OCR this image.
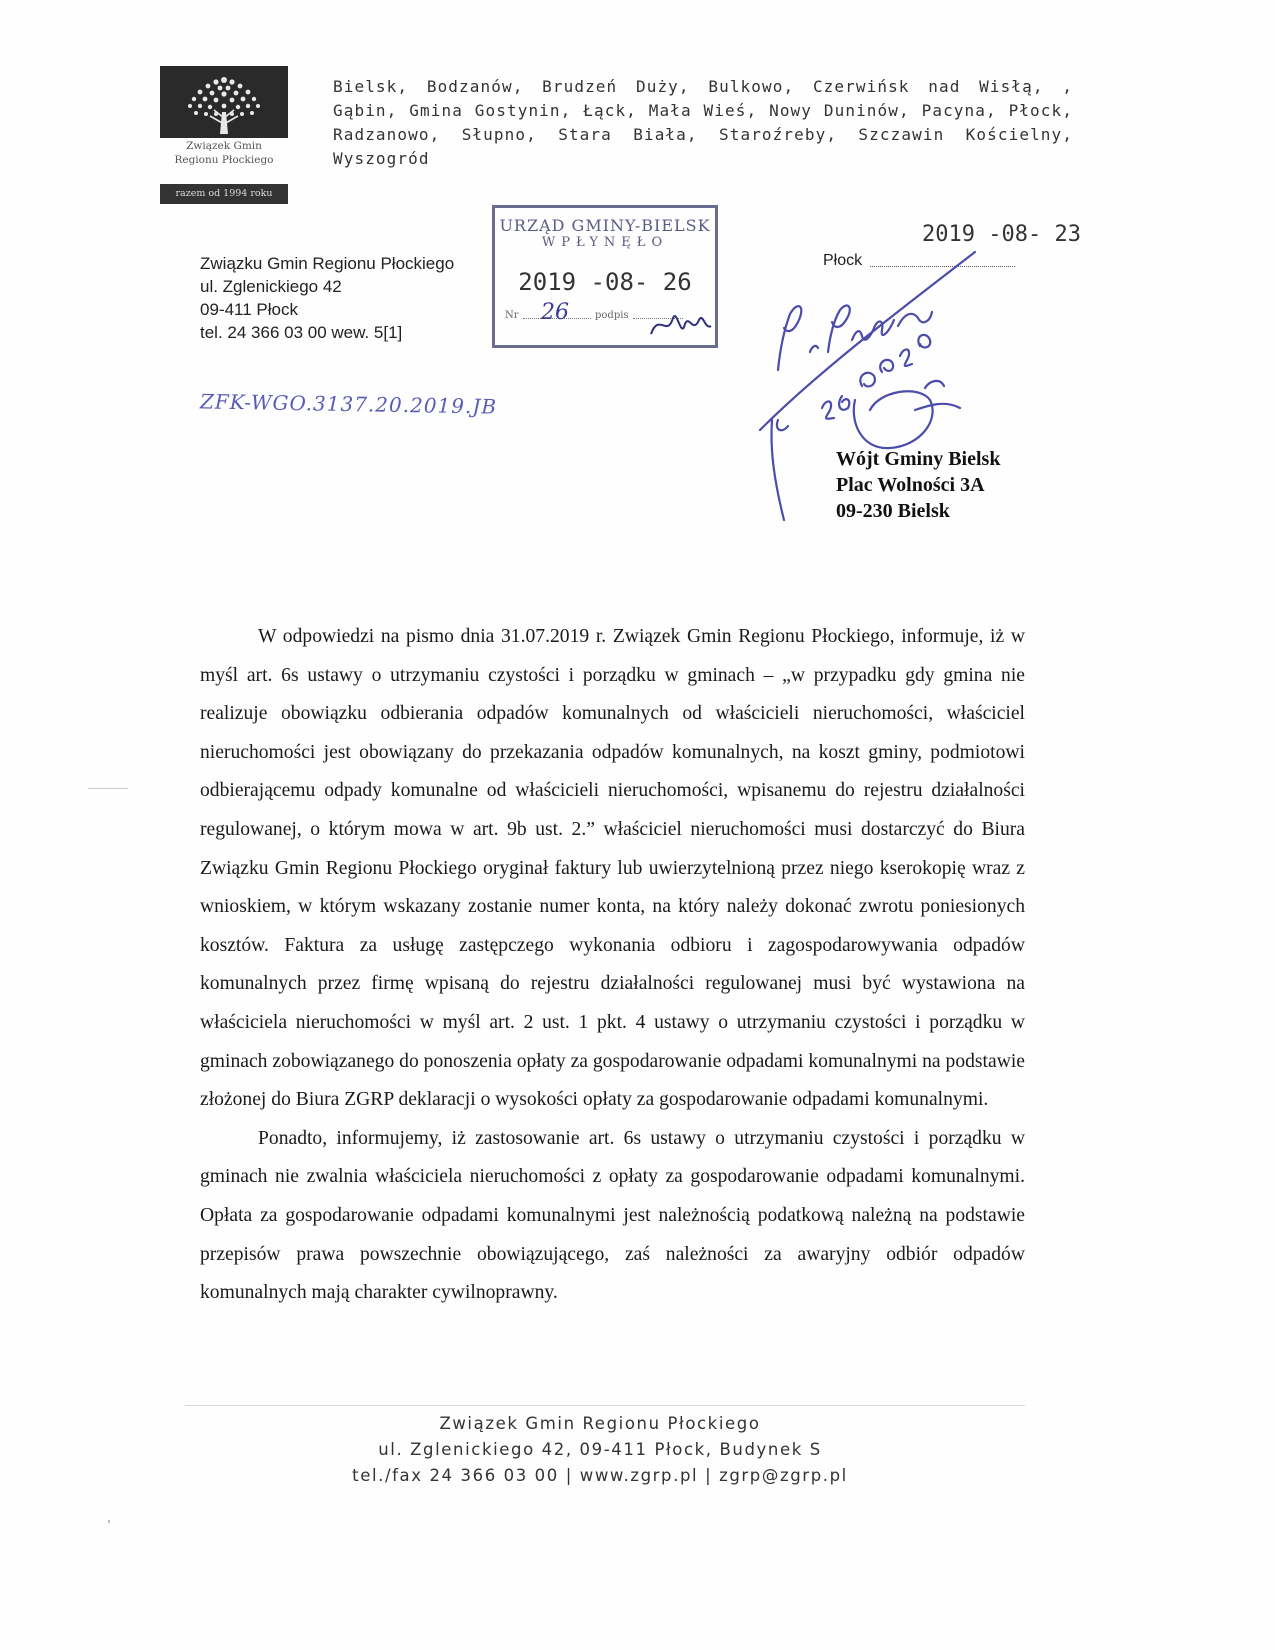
Związek Gmin
Regionu Płockiego
razem od 1994 roku
Bielsk, Bodzanów, Brudzeń Duży, Bulkowo, Czerwińsk nad Wisłą, , Gąbin, Gmina Gostynin, Łąck, Mała Wieś, Nowy Duninów, Pacyna, Płock, Radzanowo, Słupno, Stara Biała, Staroźreby, Szczawin Kościelny, Wyszogród
Związku Gmin Regionu Płockiego
ul. Zglenickiego 42
09-411 Płock
tel. 24 366 03 00 wew. 5[1]
URZĄD GMINY-BIELSK
WPŁYNĘŁO
2019 -08- 26
Nr 26	podpis
2019 -08- 23
Płock
ZFK-WGO.3137.20.2019.JB
Wójt Gminy Bielsk
Plac Wolności 3A
09-230 Bielsk

W odpowiedzi na pismo dnia 31.07.2019 r. Związek Gmin Regionu Płockiego, informuje, iż w myśl art. 6s ustawy o utrzymaniu czystości i porządku w gminach – „w przypadku gdy gmina nie realizuje obowiązku odbierania odpadów komunalnych od właścicieli nieruchomości, właściciel nieruchomości jest obowiązany do przekazania odpadów komunalnych, na koszt gminy, podmiotowi odbierającemu odpady komunalne od właścicieli nieruchomości, wpisanemu do rejestru działalności regulowanej, o którym mowa w art. 9b ust. 2.” właściciel nieruchomości musi dostarczyć do Biura Związku Gmin Regionu Płockiego oryginał faktury lub uwierzytelnioną przez niego kserokopię wraz z wnioskiem, w którym wskazany zostanie numer konta, na który należy dokonać zwrotu poniesionych kosztów. Faktura za usługę zastępczego wykonania odbioru i zagospodarowywania odpadów komunalnych przez firmę wpisaną do rejestru działalności regulowanej musi być wystawiona na właściciela nieruchomości w myśl art. 2 ust. 1 pkt. 4 ustawy o utrzymaniu czystości i porządku w gminach zobowiązanego do ponoszenia opłaty za gospodarowanie odpadami komunalnymi na podstawie złożonej do Biura ZGRP deklaracji o wysokości opłaty za gospodarowanie odpadami komunalnymi.

Ponadto, informujemy, iż zastosowanie art. 6s ustawy o utrzymaniu czystości i porządku w gminach nie zwalnia właściciela nieruchomości z opłaty za gospodarowanie odpadami komunalnymi. Opłata za gospodarowanie odpadami komunalnymi jest należnością podatkową należną na podstawie przepisów prawa powszechnie obowiązującego, zaś należności za awaryjny odbiór odpadów komunalnych mają charakter cywilnoprawny.

Związek Gmin Regionu Płockiego
ul. Zglenickiego 42, 09-411 Płock, Budynek S
tel./fax 24 366 03 00 | www.zgrp.pl | zgrp@zgrp.pl
